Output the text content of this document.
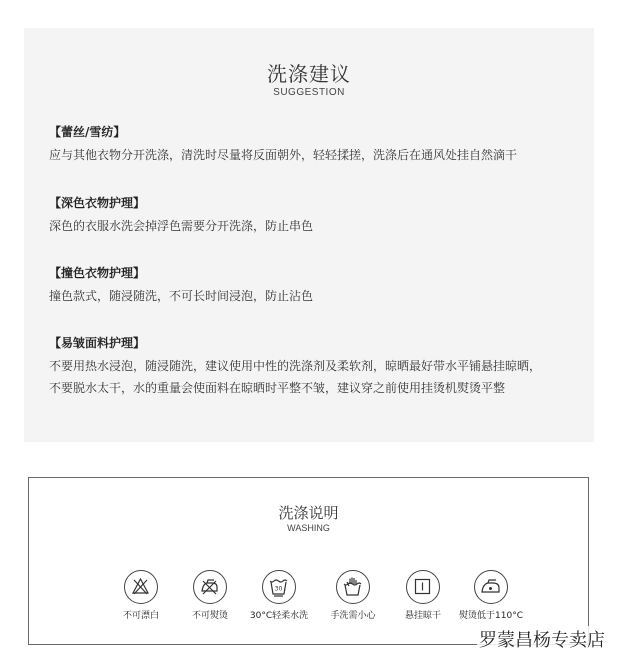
洗涤建议
SUGGESTION
【蕾丝/雪纺】
应与其他衣物分开洗涤，清洗时尽量将反面朝外，轻轻揉搓，洗涤后在通风处挂自然滴干
【深色衣物护理】
深色的衣服水洗会掉浮色需要分开洗涤，防止串色
【撞色衣物护理】
撞色款式，随浸随洗，不可长时间浸泡，防止沾色
【易皱面料护理】
不要用热水浸泡，随浸随洗，建议使用中性的洗涤剂及柔软剂，晾晒最好带水平铺悬挂晾晒，
不要脱水太干，水的重量会使面料在晾晒时平整不皱，建议穿之前使用挂烫机熨烫平整
洗涤说明
WASHING
不可漂白	不可熨烫
30
30°C轻柔水洗	手洗需小心	悬挂晾干	熨烫低于110°C
罗蒙昌杨专卖店
